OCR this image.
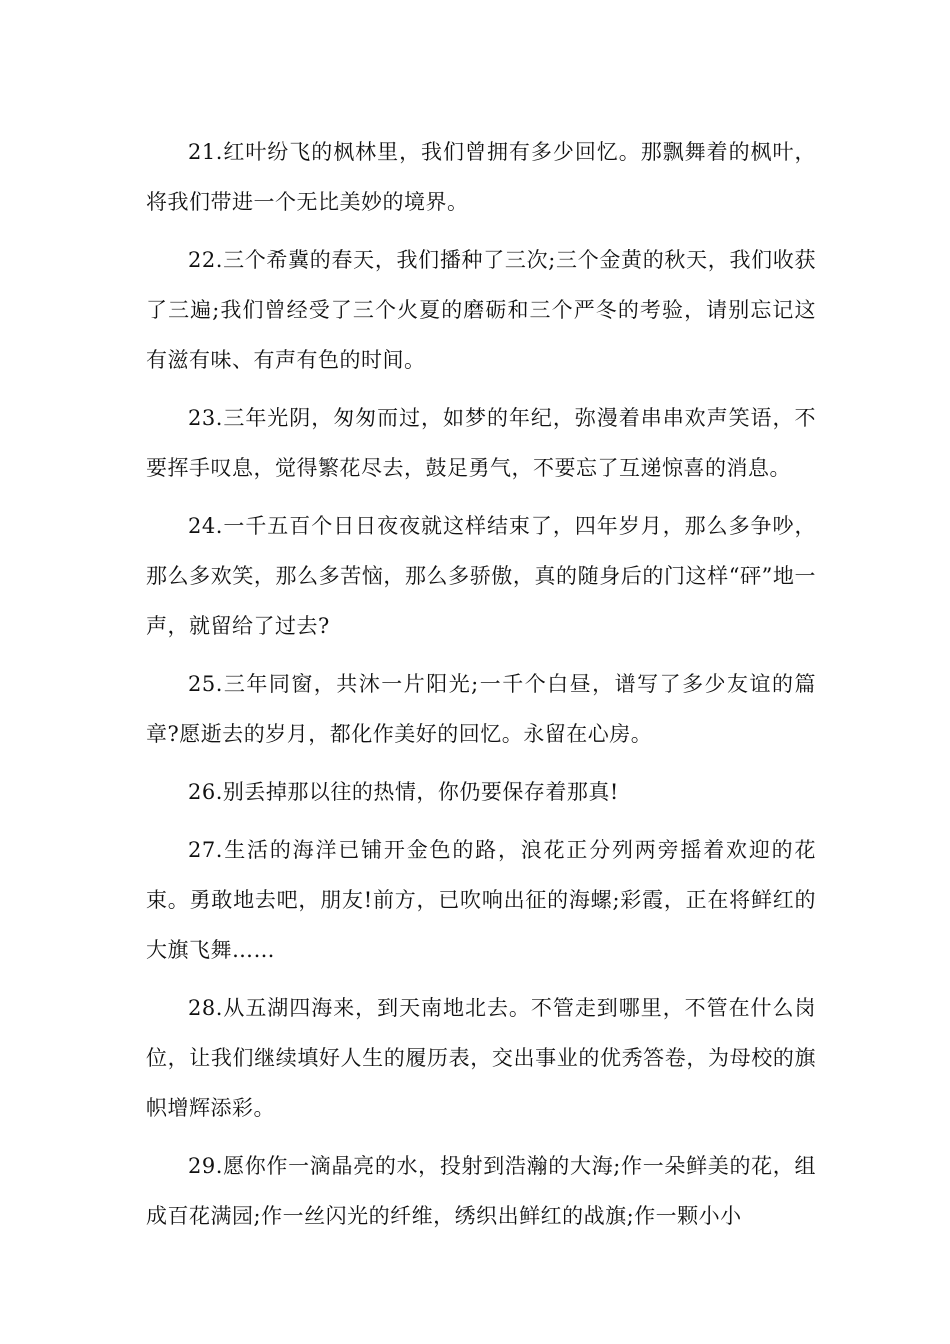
21.红叶纷飞的枫林里，我们曾拥有多少回忆。那飘舞着的枫叶，将我们带进一个无比美妙的境界。

22.三个希冀的春天，我们播种了三次;三个金黄的秋天，我们收获了三遍;我们曾经受了三个火夏的磨砺和三个严冬的考验，请别忘记这有滋有味、有声有色的时间。

23.三年光阴，匆匆而过，如梦的年纪，弥漫着串串欢声笑语，不要挥手叹息，觉得繁花尽去，鼓足勇气，不要忘了互递惊喜的消息。

24.一千五百个日日夜夜就这样结束了，四年岁月，那么多争吵，那么多欢笑，那么多苦恼，那么多骄傲，真的随身后的门这样“砰”地一声，就留给了过去?

25.三年同窗，共沐一片阳光;一千个白昼，谱写了多少友谊的篇章?愿逝去的岁月，都化作美好的回忆。永留在心房。

26.别丢掉那以往的热情，你仍要保存着那真!

27.生活的海洋已铺开金色的路，浪花正分列两旁摇着欢迎的花束。勇敢地去吧，朋友!前方，已吹响出征的海螺;彩霞，正在将鲜红的大旗飞舞……

28.从五湖四海来，到天南地北去。不管走到哪里，不管在什么岗位，让我们继续填好人生的履历表，交出事业的优秀答卷，为母校的旗帜增辉添彩。

29.愿你作一滴晶亮的水，投射到浩瀚的大海;作一朵鲜美的花，组成百花满园;作一丝闪光的纤维，绣织出鲜红的战旗;作一颗小小
